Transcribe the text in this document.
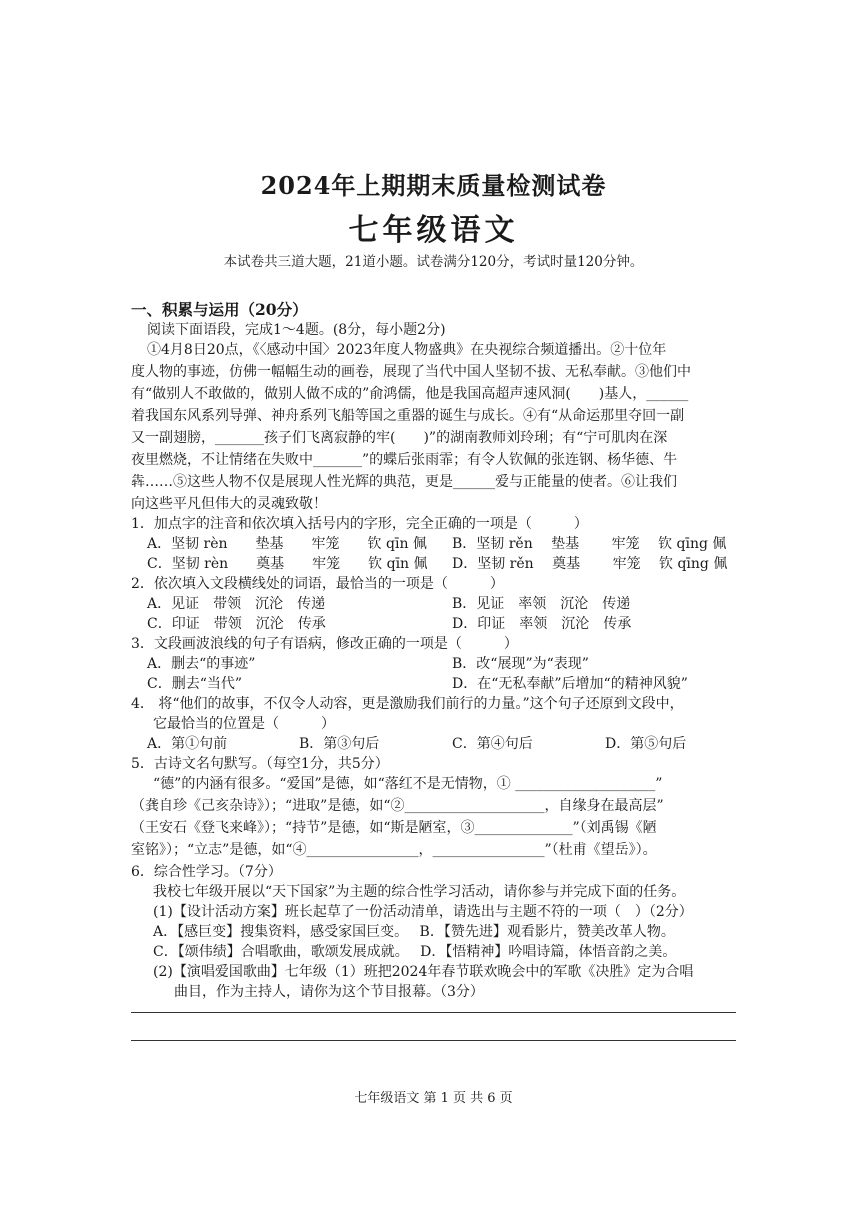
2024年上期期末质量检测试卷
七年级语文
本试卷共三道大题，21道小题。试卷满分120分，考试时量120分钟。
一、积累与运用（20分）
阅读下面语段，完成1～4题。(8分，每小题2分)
①4月8日20点，《〈感动中国〉2023年度人物盛典》在央视综合频道播出。②十位年
度人物的事迹，仿佛一幅幅生动的画卷，展现了当代中国人坚韧不拔、无私奉献。③他们中
有“做别人不敢做的，做别人做不成的”俞鸿儒，他是我国高超声速风洞(　　)基人，______
着我国东风系列导弹、神舟系列飞船等国之重器的诞生与成长。④有“从命运那里夺回一副
又一副翅膀，_______孩子们飞离寂静的牢(　　)”的湖南教师刘玲琍；有“宁可肌肉在深
夜里燃烧，不让情绪在失败中_______”的蝶后张雨霏；有令人钦佩的张连钢、杨华德、牛
犇……⑤这些人物不仅是展现人性光辉的典范，更是______爱与正能量的使者。⑥让我们
向这些平凡但伟大的灵魂致敬！
1．加点字的注音和依次填入括号内的字形，完全正确的一项是（　　　）
A．坚韧 rèn　　垫基　　牢笼　　钦 qīn 佩 B．坚韧 rěn　 垫基　　 牢笼　 钦 qīng 佩
C．坚韧 rèn　　奠基　　牢笼　　钦 qīn 佩 D．坚韧 rěn　 奠基　　 牢笼　 钦 qīng 佩
2．依次填入文段横线处的词语，最恰当的一项是（　　　）
A．见证　带领　沉沦　传递	B．见证　率领　沉沦　传递
C．印证　带领　沉沦　传承	D．印证　率领　沉沦　传承
3．文段画波浪线的句子有语病，修改正确的一项是（　　　）
A．删去“的事迹”	B．改“展现”为“表现”
C．删去“当代”	D．在“无私奉献”后增加“的精神风貌”
4． 将“他们的故事，不仅令人动容，更是激励我们前行的力量。”这个句子还原到文段中，
它最恰当的位置是（　　　）
A．第①句前	B．第③句后	C．第④句后	D．第⑤句后
5．古诗文名句默写。（每空1分，共5分）
“德”的内涵有很多。“爱国”是德，如“落红不是无情物，① ____________________”
（龚自珍《己亥杂诗》）；“进取”是德，如“②____________________，自缘身在最高层”
（王安石《登飞来峰》）；“持节”是德，如“斯是陋室，③______________”（刘禹锡《陋
室铭》）；“立志”是德，如“④________________，________________”（杜甫《望岳》）。
6．综合性学习。（7分）
我校七年级开展以“天下国家”为主题的综合性学习活动，请你参与并完成下面的任务。
(1)【设计活动方案】班长起草了一份活动清单，请选出与主题不符的一项（　）（2分）
A．【感巨变】搜集资料，感受家国巨变。　 B．【赞先进】观看影片，赞美改革人物。
C．【颂伟绩】合唱歌曲，歌颂发展成就。　 D．【悟精神】吟唱诗篇，体悟音韵之美。
(2)【演唱爱国歌曲】七年级（1）班把2024年春节联欢晚会中的军歌《决胜》定为合唱
曲目，作为主持人，请你为这个节目报幕。（3分）
七年级语文 第 1 页 共 6 页
